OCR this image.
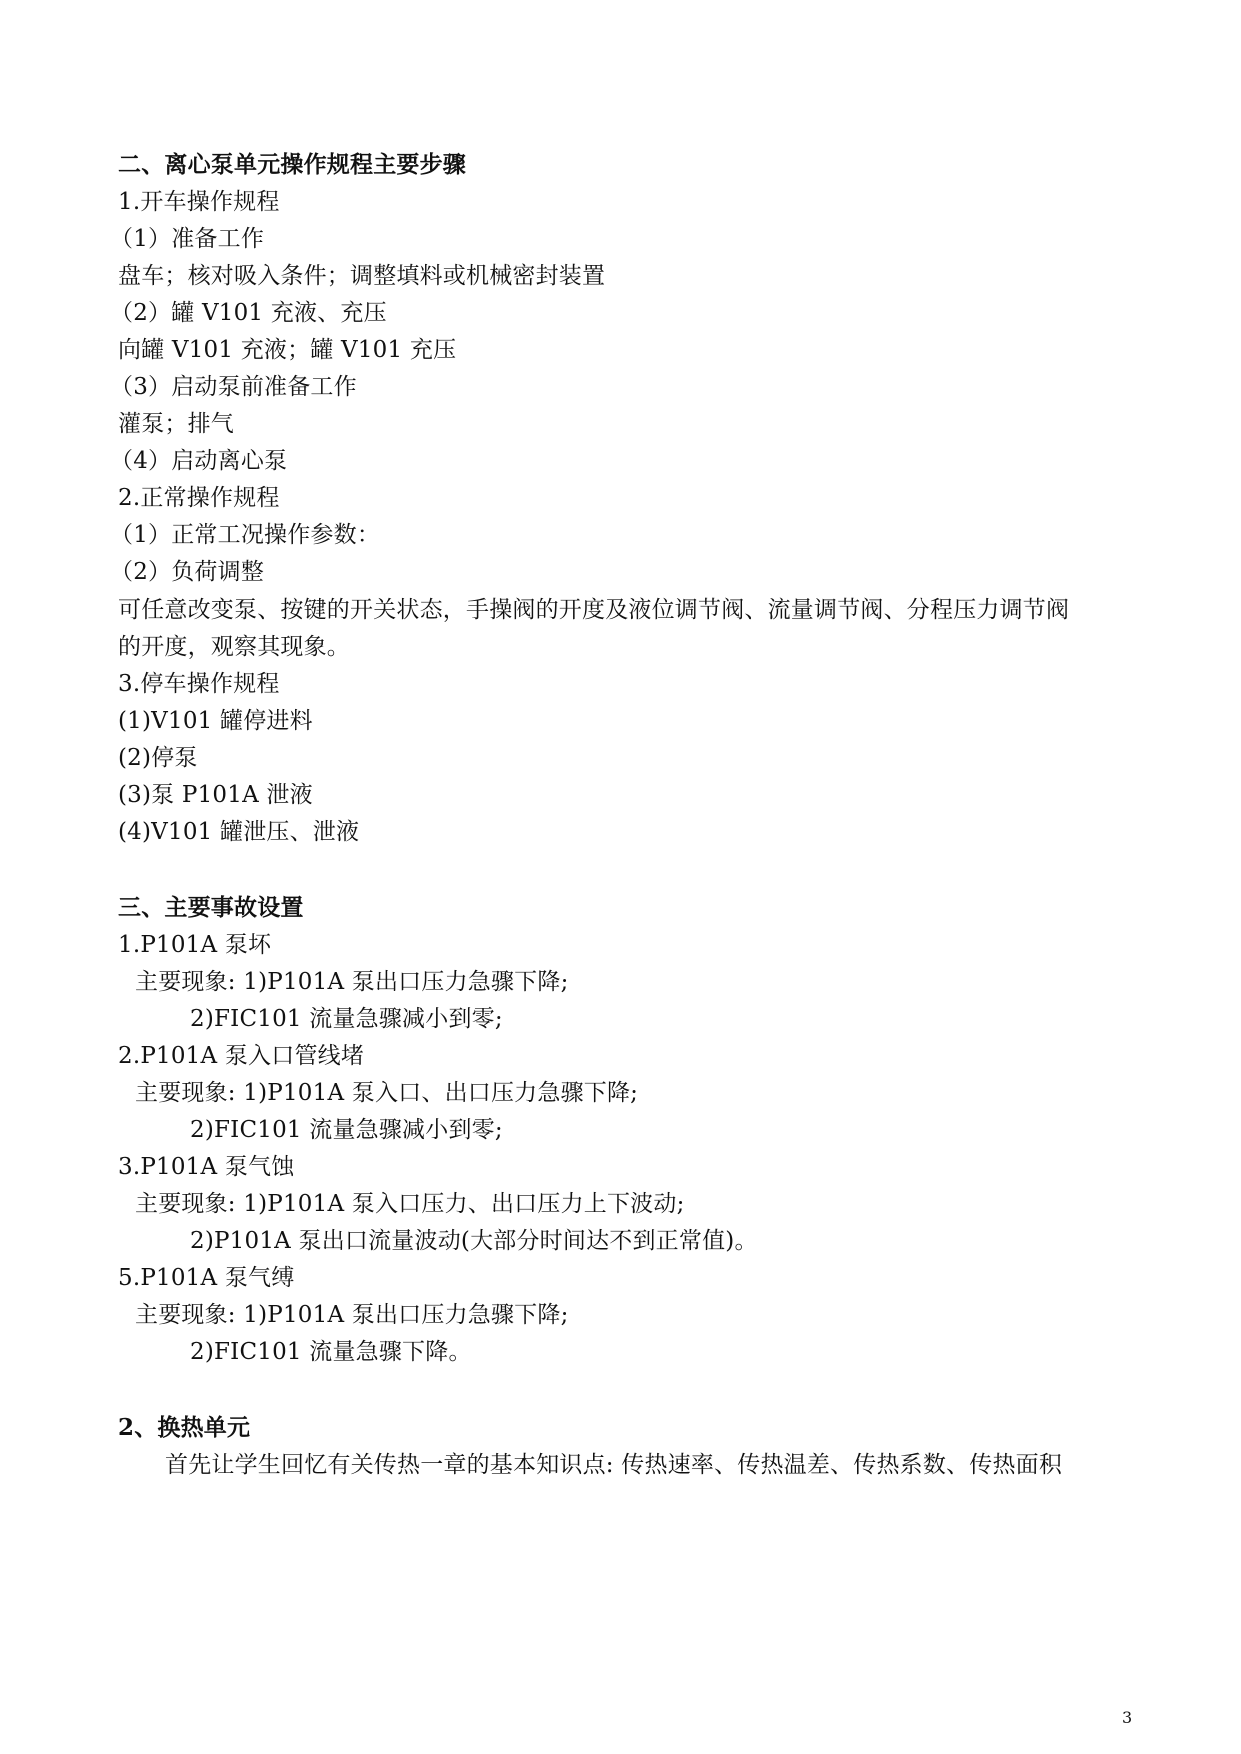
二、离心泵单元操作规程主要步骤
1.开车操作规程
（1）准备工作
盘车；核对吸入条件；调整填料或机械密封装置
（2）罐 V101 充液、充压
向罐 V101 充液；罐 V101 充压
（3）启动泵前准备工作
灌泵；排气
（4）启动离心泵
2.正常操作规程
（1）正常工况操作参数：
（2）负荷调整
可任意改变泵、按键的开关状态，手操阀的开度及液位调节阀、流量调节阀、分程压力调节阀
的开度，观察其现象。
3.停车操作规程
(1)V101 罐停进料
(2)停泵
(3)泵 P101A 泄液
(4)V101 罐泄压、泄液
三、主要事故设置
1.P101A 泵坏
主要现象: 1)P101A 泵出口压力急骤下降;
2)FIC101 流量急骤减小到零;
2.P101A 泵入口管线堵
主要现象: 1)P101A 泵入口、出口压力急骤下降;
2)FIC101 流量急骤减小到零;
3.P101A 泵气蚀
主要现象: 1)P101A 泵入口压力、出口压力上下波动;
2)P101A 泵出口流量波动(大部分时间达不到正常值)。
5.P101A 泵气缚
主要现象: 1)P101A 泵出口压力急骤下降;
2)FIC101 流量急骤下降。
2、换热单元
首先让学生回忆有关传热一章的基本知识点: 传热速率、传热温差、传热系数、传热面积
3
